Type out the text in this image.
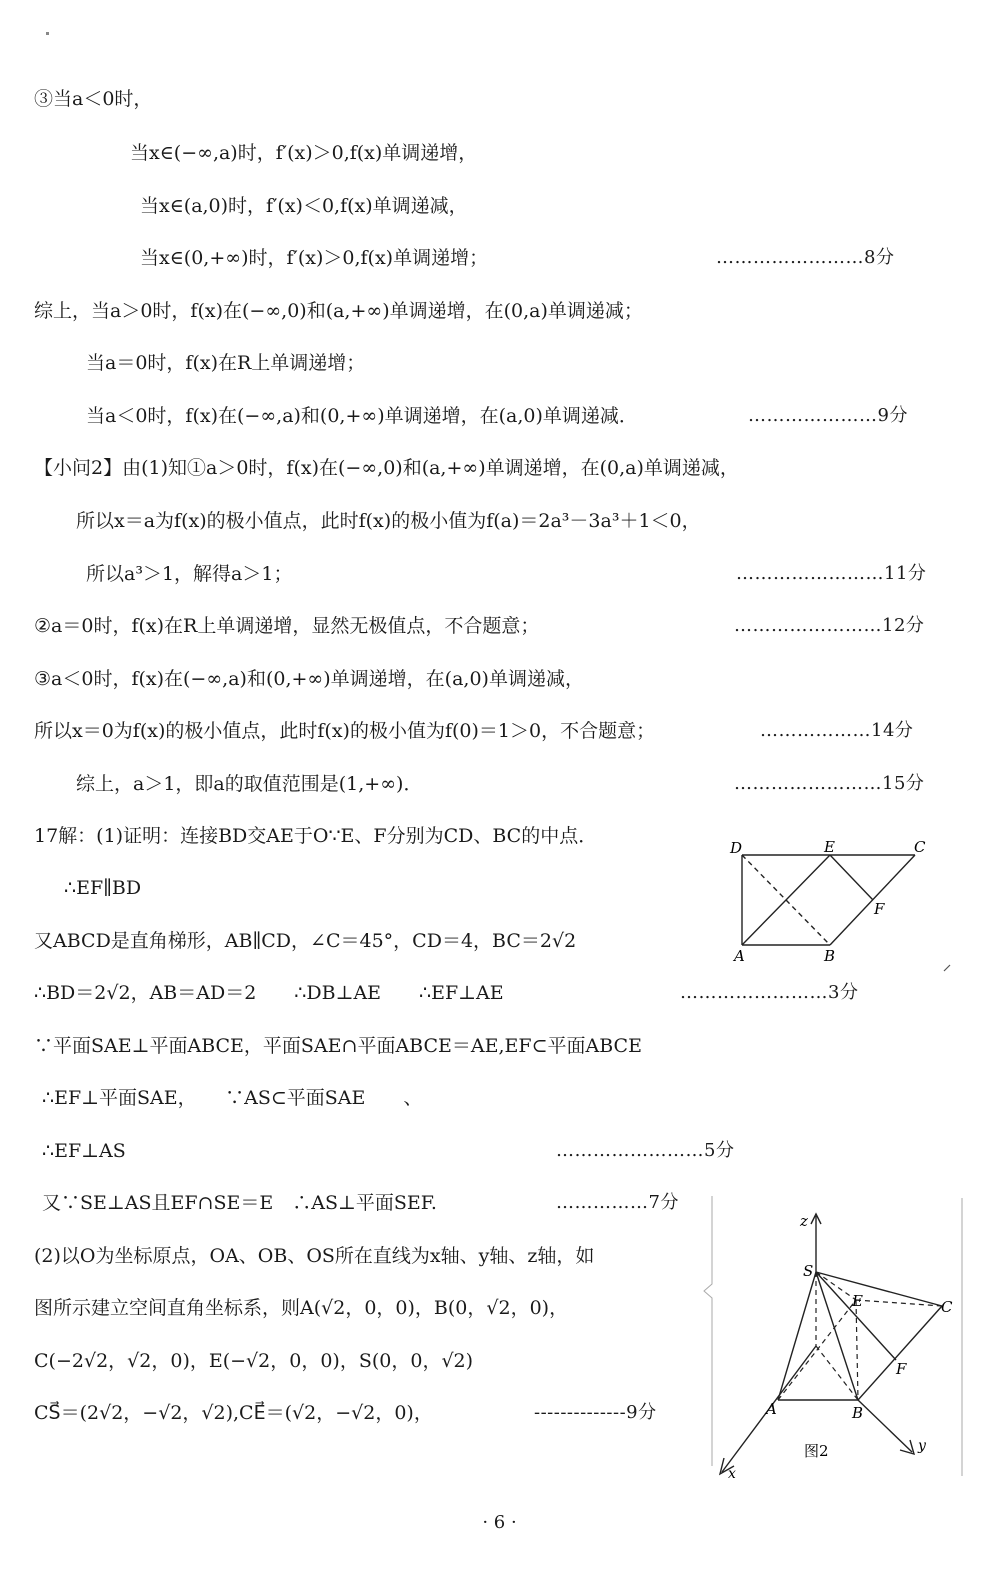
③当a＜0时，
当x∈(−∞,a)时，f′(x)＞0,f(x)单调递增，
当x∈(a,0)时，f′(x)＜0,f(x)单调递减，
当x∈(0,+∞)时，f′(x)＞0,f(x)单调递增；
综上，当a＞0时，f(x)在(−∞,0)和(a,+∞)单调递增，在(0,a)单调递减；
当a＝0时，f(x)在R上单调递增；
当a＜0时，f(x)在(−∞,a)和(0,+∞)单调递增，在(a,0)单调递减．
【小问2】由(1)知①a＞0时，f(x)在(−∞,0)和(a,+∞)单调递增，在(0,a)单调递减，
所以x＝a为f(x)的极小值点，此时f(x)的极小值为f(a)＝2a³－3a³＋1＜0，
所以a³＞1，解得a＞1；
②a＝0时，f(x)在R上单调递增，显然无极值点，不合题意；
③a＜0时，f(x)在(−∞,a)和(0,+∞)单调递增，在(a,0)单调递减，
所以x＝0为f(x)的极小值点，此时f(x)的极小值为f(0)＝1＞0，不合题意；
综上，a＞1，即a的取值范围是(1,+∞)．
17解：(1)证明：连接BD交AE于O∵E、F分别为CD、BC的中点．
∴EF∥BD
又ABCD是直角梯形，AB∥CD，∠C＝45°，CD＝4，BC＝2√2
∴BD＝2√2，AB＝AD＝2　　∴DB⊥AE　　∴EF⊥AE
∵平面SAE⊥平面ABCE，平面SAE∩平面ABCE＝AE,EF⊂平面ABCE
∴EF⊥平面SAE，　　∵AS⊂平面SAE　　、
∴EF⊥AS
又∵SE⊥AS且EF∩SE＝E　∴AS⊥平面SEF.
(2)以O为坐标原点，OA、OB、OS所在直线为x轴、y轴、z轴，如
图所示建立空间直角坐标系，则A(√2，0，0)，B(0，√2，0)，
C(−2√2，√2，0)，E(−√2，0，0)，S(0，0，√2)
CS⃗＝(2√2，−√2，√2),CE⃗＝(√2，−√2，0)，
……………………8分
…………………9分
……………………11分
……………………12分
………………14分
……………………15分
……………………3分
……………………5分
……………7分
--------------9分
D	E	C
F
A	B
z
S
E	C
F
A	B
x
y
图2
· 6 ·
